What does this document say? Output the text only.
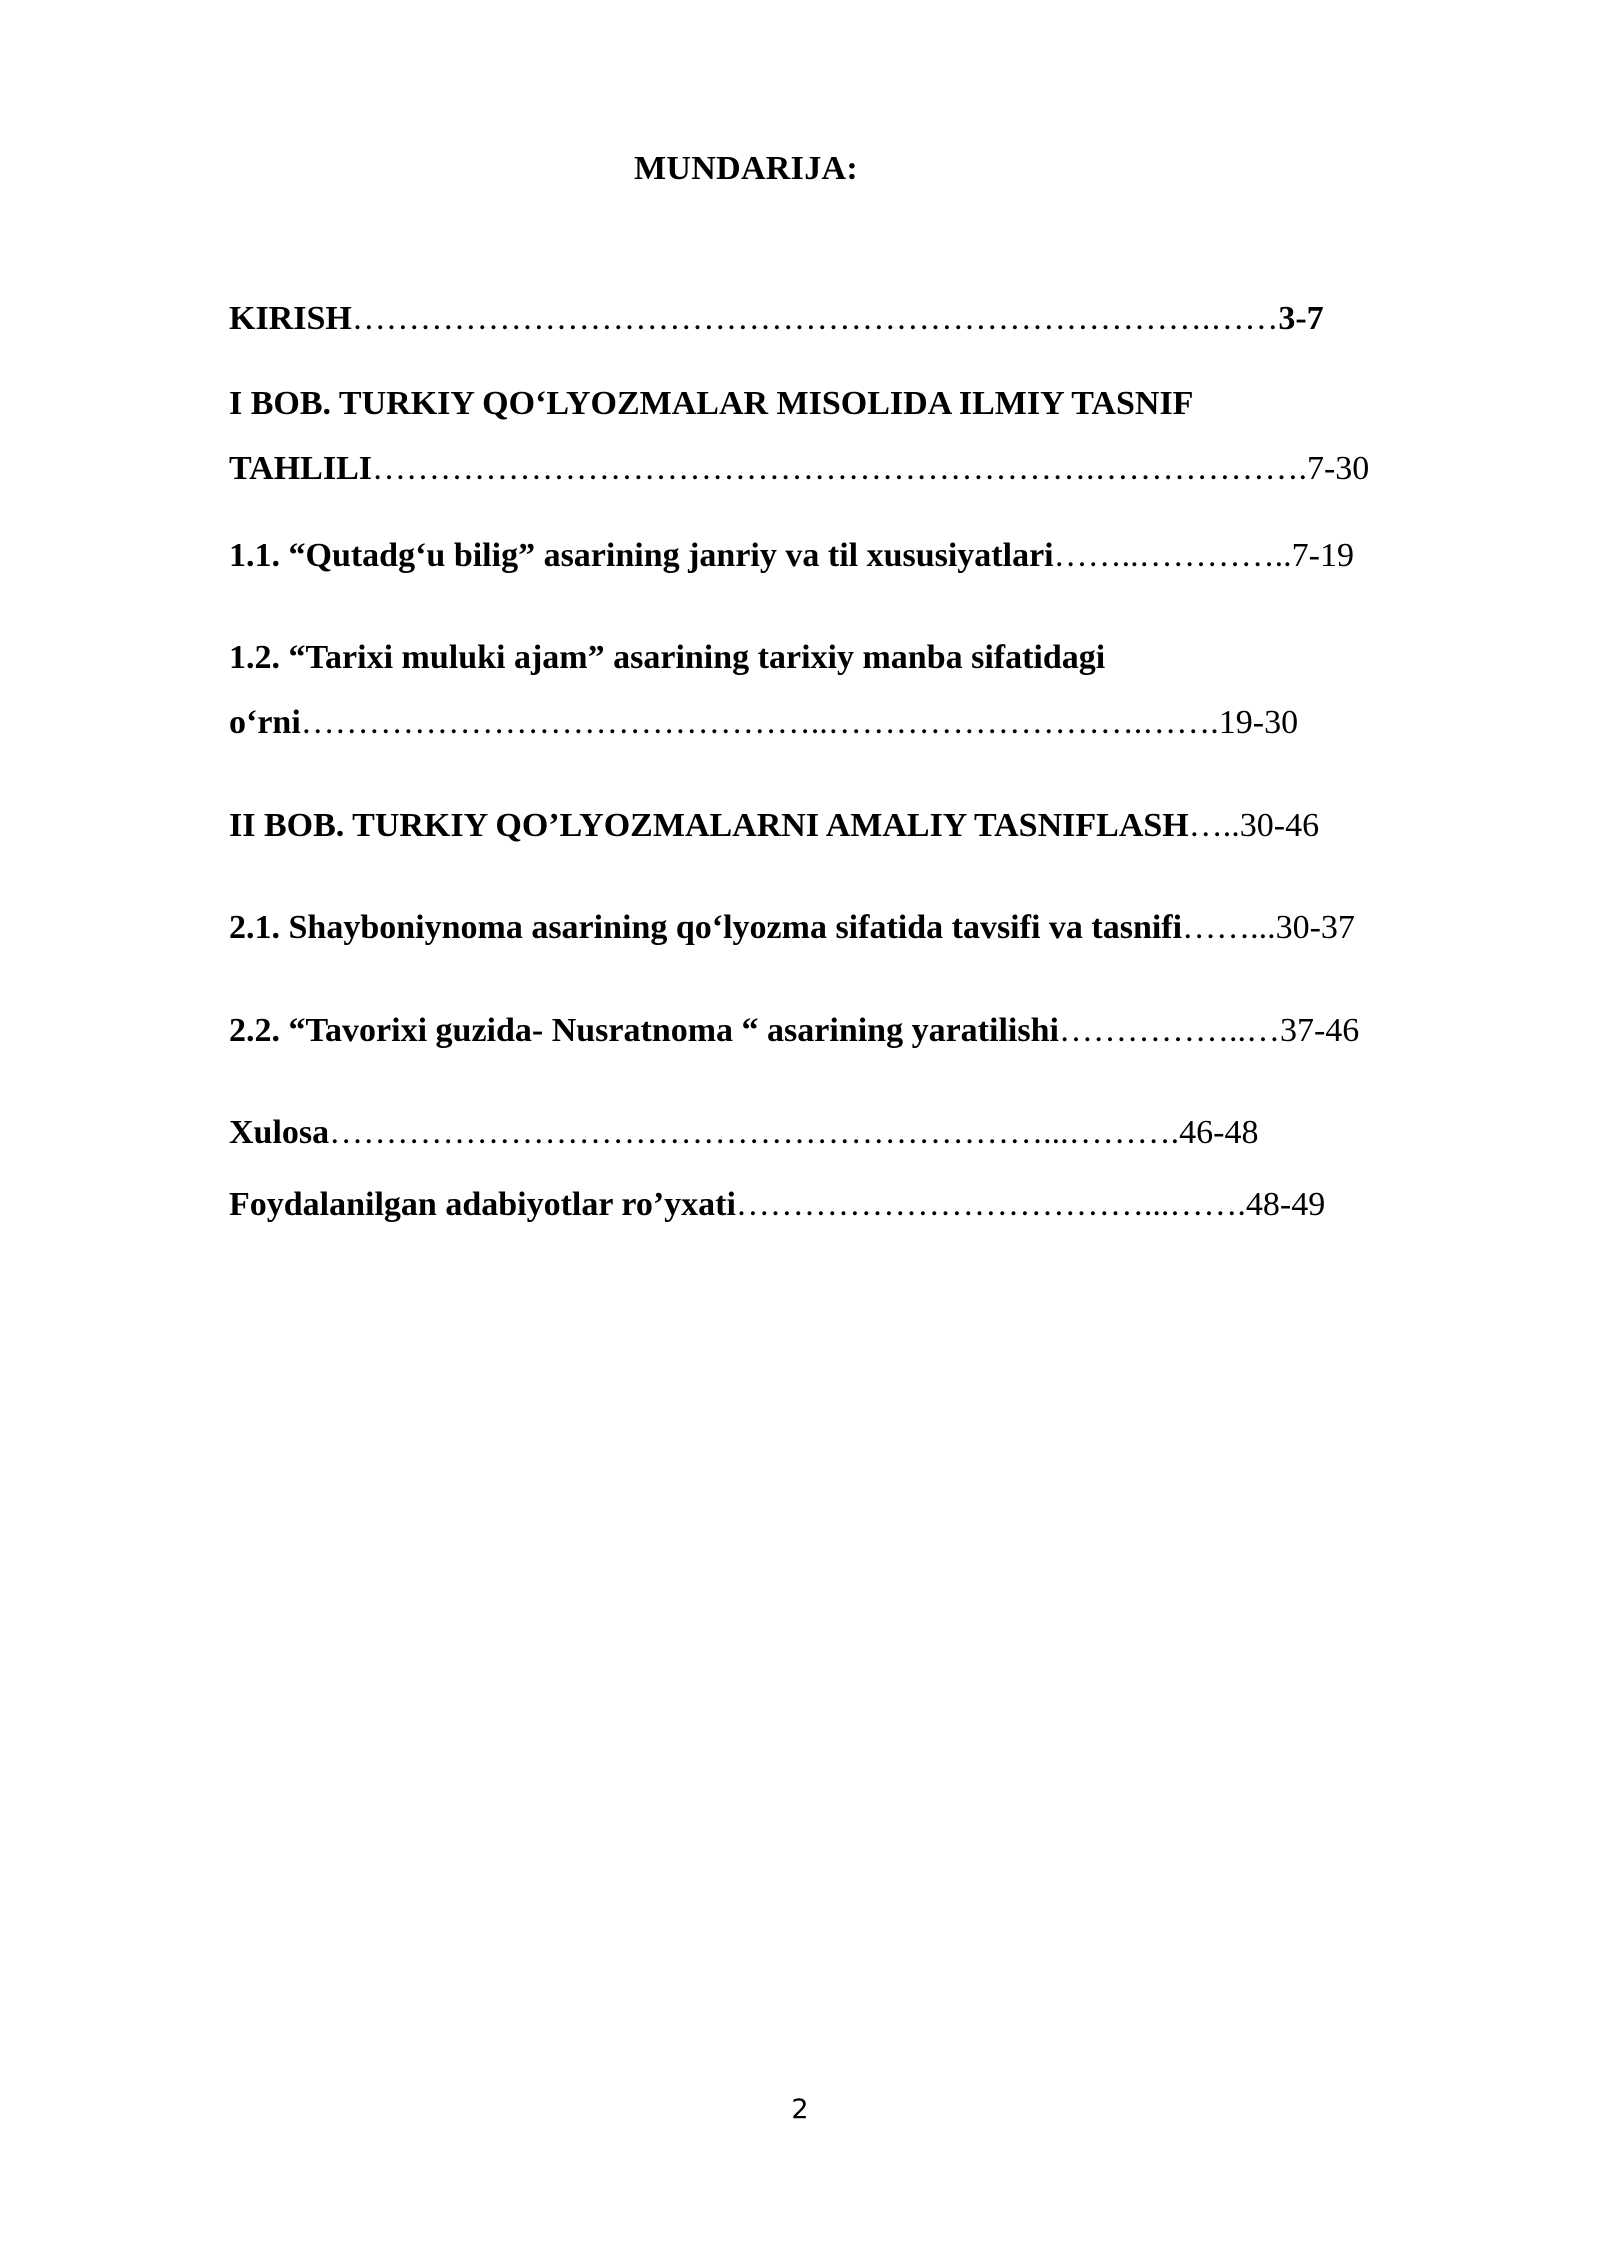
MUNDARIJA:
KIRISH………………………………………………………………….……3-7
I BOB. TURKIY QO‘LYOZMALAR MISOLIDA ILMIY TASNIF
TAHLILI……………………………………………………….……………….7-30
1.1. “Qutadg‘u bilig” asarining janriy va til xususiyatlari……..…………..7-19
1.2. “Tarixi muluki ajam” asarining tarixiy manba sifatidagi
o‘rni………………………………………..……………………….…….19-30
II BOB. TURKIY QO’LYOZMALARNI AMALIY TASNIFLASH…..30-46
2.1. Shayboniynoma asarining qo‘lyozma sifatida tavsifi va tasnifi……...30-37
2.2. “Tavorixi guzida- Nusratnoma “ asarining yaratilishi……………..…37-46
Xulosa………………………………………………………...……….46-48
Foydalanilgan adabiyotlar ro’yxati………………………………...…….48-49
2
